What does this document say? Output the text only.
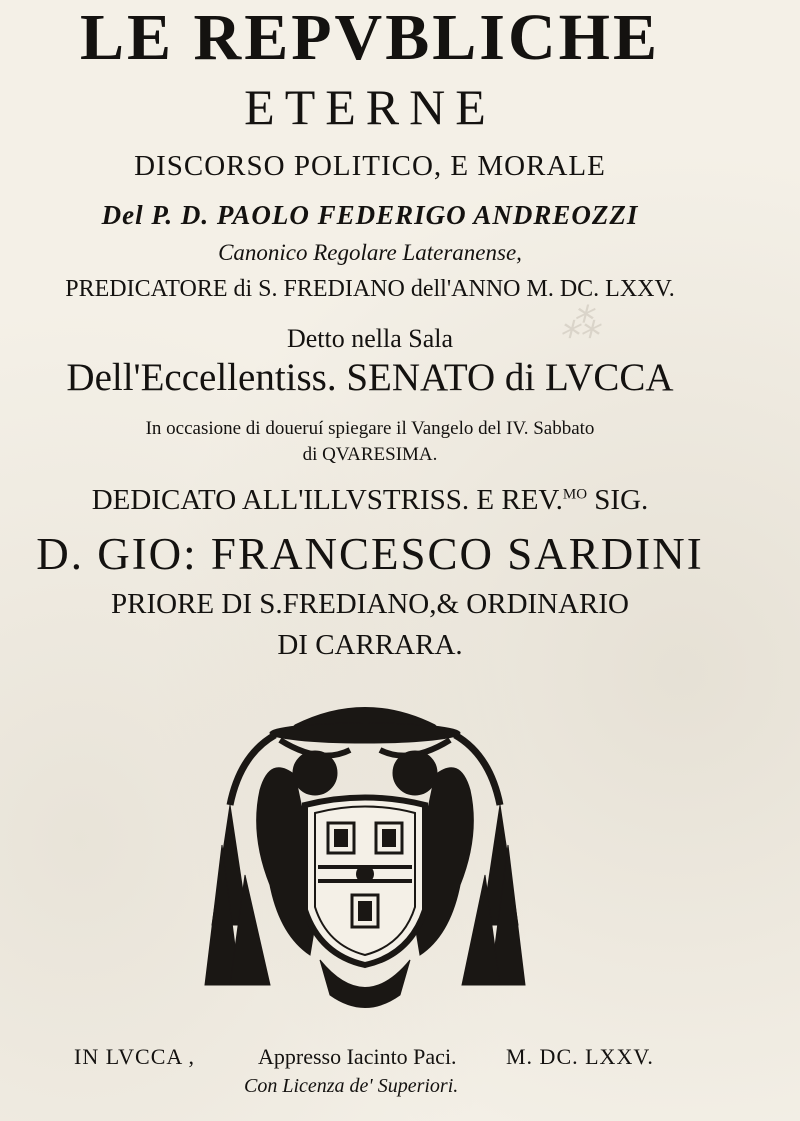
⁂
LE REPVBLICHE
ETERNE
DISCORSO POLITICO, E MORALE
Del P. D. PAOLO FEDERIGO ANDREOZZI
Canonico Regolare Lateranense,
PREDICATORE di S. FREDIANO dell'ANNO M. DC. LXXV.
Detto nella Sala
Dell'Eccellentiss. SENATO di LVCCA
In occasione di doueruí spiegare il Vangelo del IV. Sabbato
di QVARESIMA.
DEDICATO ALL'ILLVSTRISS. E REV.$^{MO}$ SIG.
D. GIO: FRANCESCO SARDINI
PRIORE DI S.FREDIANO,& ORDINARIO
DI CARRARA.
IN LVCCA ,	Appresso Iacinto Paci. M. DC. LXXV.
Con Licenza de' Superiori.
